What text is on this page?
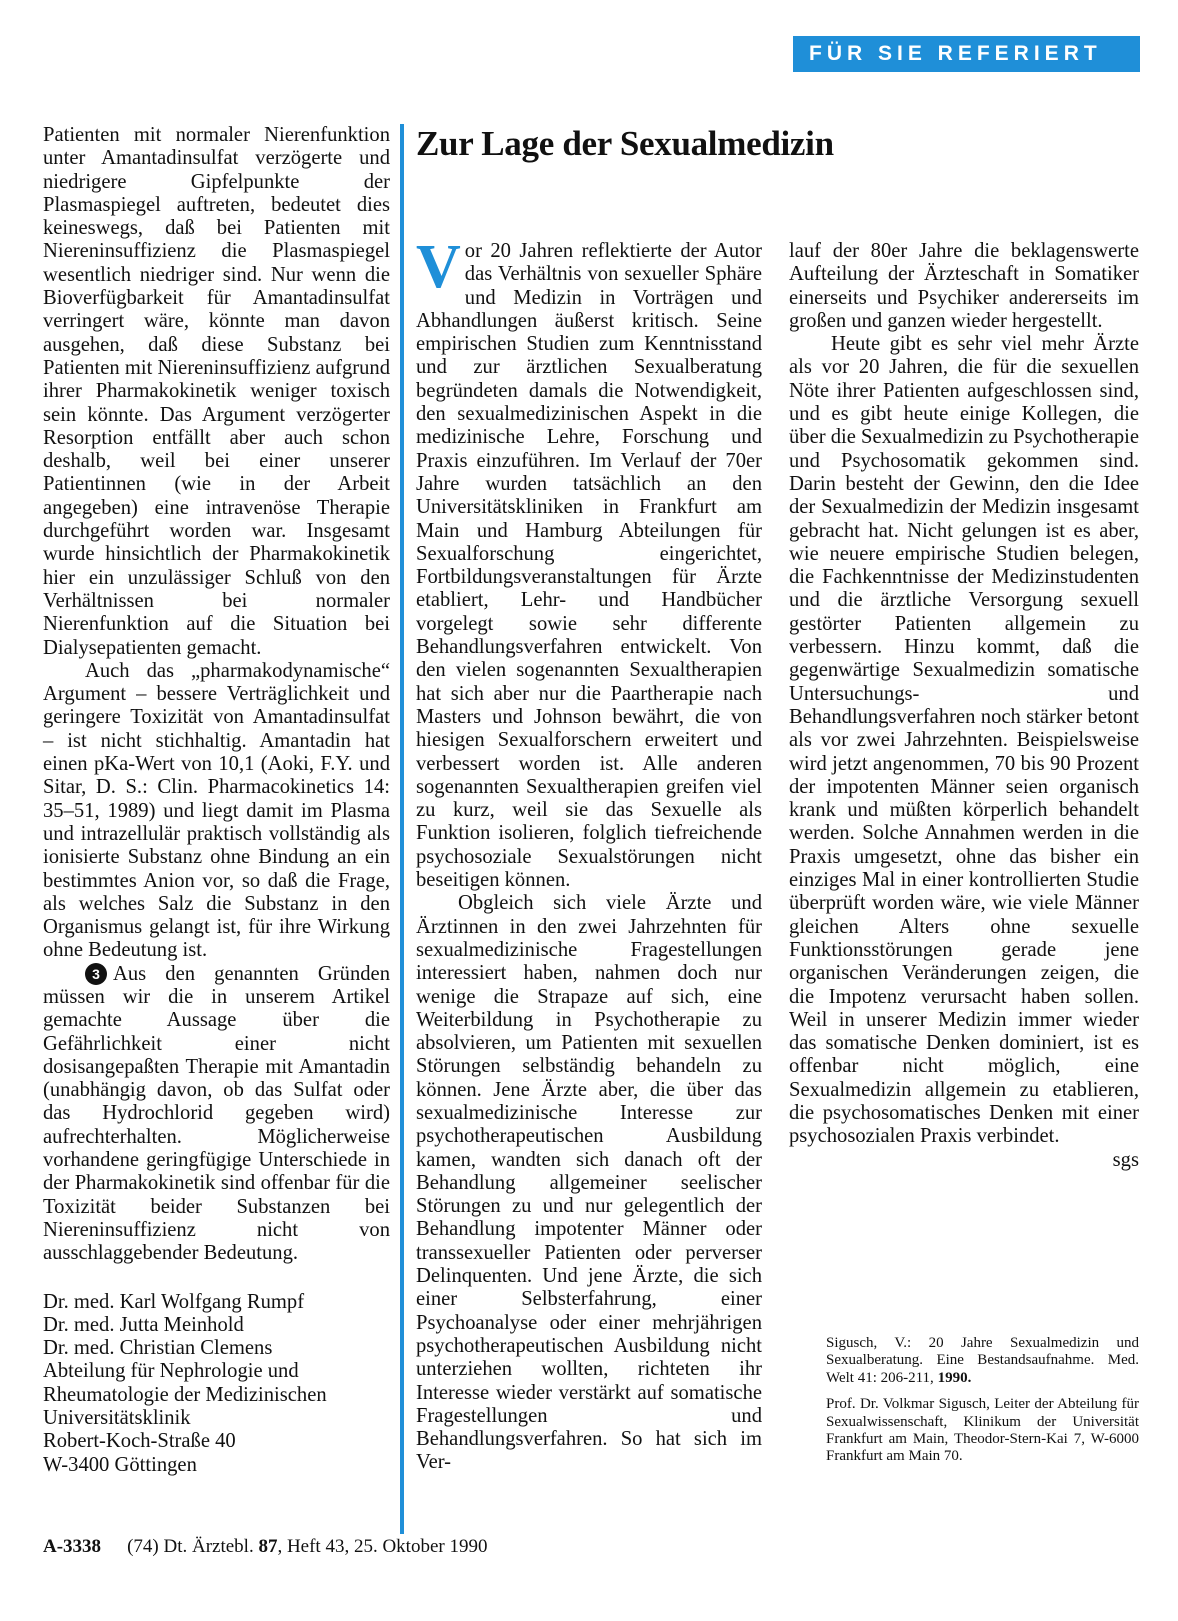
FÜR SIE REFERIERT

Patienten mit normaler Nierenfunktion unter Amantadinsulfat verzögerte und niedrigere Gipfelpunkte der Plasmaspiegel auftreten, bedeutet dies keineswegs, daß bei Patienten mit Niereninsuffizienz die Plasmaspiegel wesentlich niedriger sind. Nur wenn die Bioverfügbarkeit für Amantadinsulfat verringert wäre, könnte man davon ausgehen, daß diese Substanz bei Patienten mit Niereninsuffizienz aufgrund ihrer Pharmakokinetik weniger toxisch sein könnte. Das Argument verzögerter Resorption entfällt aber auch schon deshalb, weil bei einer unserer Patientinnen (wie in der Arbeit angegeben) eine intravenöse Therapie durchgeführt worden war. Insgesamt wurde hinsichtlich der Pharmakokinetik hier ein unzulässiger Schluß von den Verhältnissen bei normaler Nierenfunktion auf die Situation bei Dialysepatienten gemacht.

Auch das „pharmakodynamische“ Argument – bessere Verträglichkeit und geringere Toxizität von Amantadinsulfat – ist nicht stichhaltig. Amantadin hat einen pKa-Wert von 10,1 (Aoki, F.Y. und Sitar, D. S.: Clin. Pharmacokinetics 14: 35–51, 1989) und liegt damit im Plasma und intrazellulär praktisch vollständig als ionisierte Substanz ohne Bindung an ein bestimmtes Anion vor, so daß die Frage, als welches Salz die Substanz in den Organismus gelangt ist, für ihre Wirkung ohne Bedeutung ist.

3 Aus den genannten Gründen müssen wir die in unserem Artikel gemachte Aussage über die Gefährlichkeit einer nicht dosisangepaßten Therapie mit Amantadin (unabhängig davon, ob das Sulfat oder das Hydrochlorid gegeben wird) aufrechterhalten. Möglicherweise vorhandene geringfügige Unterschiede in der Pharmakokinetik sind offenbar für die Toxizität beider Substanzen bei Niereninsuffizienz nicht von ausschlaggebender Bedeutung.

Dr. med. Karl Wolfgang Rumpf
Dr. med. Jutta Meinhold
Dr. med. Christian Clemens
Abteilung für Nephrologie und
Rheumatologie der Medizinischen
Universitätsklinik
Robert-Koch-Straße 40
W-3400 Göttingen
Zur Lage der Sexualmedizin

Vor 20 Jahren reflektierte der Autor das Verhältnis von sexueller Sphäre und Medizin in Vorträgen und Abhandlungen äußerst kritisch. Seine empirischen Studien zum Kenntnisstand und zur ärztlichen Sexualberatung begründeten damals die Notwendigkeit, den sexualmedizinischen Aspekt in die medizinische Lehre, Forschung und Praxis einzuführen. Im Verlauf der 70er Jahre wurden tatsächlich an den Universitätskliniken in Frankfurt am Main und Hamburg Abteilungen für Sexualforschung eingerichtet, Fortbildungsveranstaltungen für Ärzte etabliert, Lehr- und Handbücher vorgelegt sowie sehr differente Behandlungsverfahren entwickelt. Von den vielen sogenannten Sexualtherapien hat sich aber nur die Paartherapie nach Masters und Johnson bewährt, die von hiesigen Sexualforschern erweitert und verbessert worden ist. Alle anderen sogenannten Sexualtherapien greifen viel zu kurz, weil sie das Sexuelle als Funktion isolieren, folglich tiefreichende psychosoziale Sexualstörungen nicht beseitigen können.

Obgleich sich viele Ärzte und Ärztinnen in den zwei Jahrzehnten für sexualmedizinische Fragestellungen interessiert haben, nahmen doch nur wenige die Strapaze auf sich, eine Weiterbildung in Psychotherapie zu absolvieren, um Patienten mit sexuellen Störungen selbständig behandeln zu können. Jene Ärzte aber, die über das sexualmedizinische Interesse zur psychotherapeutischen Ausbildung kamen, wandten sich danach oft der Behandlung allgemeiner seelischer Störungen zu und nur gelegentlich der Behandlung impotenter Männer oder transsexueller Patienten oder perverser Delinquenten. Und jene Ärzte, die sich einer Selbsterfahrung, einer Psychoanalyse oder einer mehrjährigen psychotherapeutischen Ausbildung nicht unterziehen wollten, richteten ihr Interesse wieder verstärkt auf somatische Fragestellungen und Behandlungsverfahren. So hat sich im Ver-

lauf der 80er Jahre die beklagenswerte Aufteilung der Ärzteschaft in Somatiker einerseits und Psychiker andererseits im großen und ganzen wieder hergestellt.

Heute gibt es sehr viel mehr Ärzte als vor 20 Jahren, die für die sexuellen Nöte ihrer Patienten aufgeschlossen sind, und es gibt heute einige Kollegen, die über die Sexualmedizin zu Psychotherapie und Psychosomatik gekommen sind. Darin besteht der Gewinn, den die Idee der Sexualmedizin der Medizin insgesamt gebracht hat. Nicht gelungen ist es aber, wie neuere empirische Studien belegen, die Fachkenntnisse der Medizinstudenten und die ärztliche Versorgung sexuell gestörter Patienten allgemein zu verbessern. Hinzu kommt, daß die gegenwärtige Sexualmedizin somatische Untersuchungs- und Behandlungsverfahren noch stärker betont als vor zwei Jahrzehnten. Beispielsweise wird jetzt angenommen, 70 bis 90 Prozent der impotenten Männer seien organisch krank und müßten körperlich behandelt werden. Solche Annahmen werden in die Praxis umgesetzt, ohne das bisher ein einziges Mal in einer kontrollierten Studie überprüft worden wäre, wie viele Männer gleichen Alters ohne sexuelle Funktionsstörungen gerade jene organischen Veränderungen zeigen, die die Impotenz verursacht haben sollen. Weil in unserer Medizin immer wieder das somatische Denken dominiert, ist es offenbar nicht möglich, eine Sexualmedizin allgemein zu etablieren, die psychosomatisches Denken mit einer psychosozialen Praxis verbindet.

sgs

Sigusch, V.: 20 Jahre Sexualmedizin und Sexualberatung. Eine Bestandsaufnahme. Med. Welt 41: 206-211, 1990.

Prof. Dr. Volkmar Sigusch, Leiter der Abteilung für Sexualwissenschaft, Klinikum der Universität Frankfurt am Main, Theodor-Stern-Kai 7, W-6000 Frankfurt am Main 70.

A-3338 (74) Dt. Ärztebl. 87, Heft 43, 25. Oktober 1990
